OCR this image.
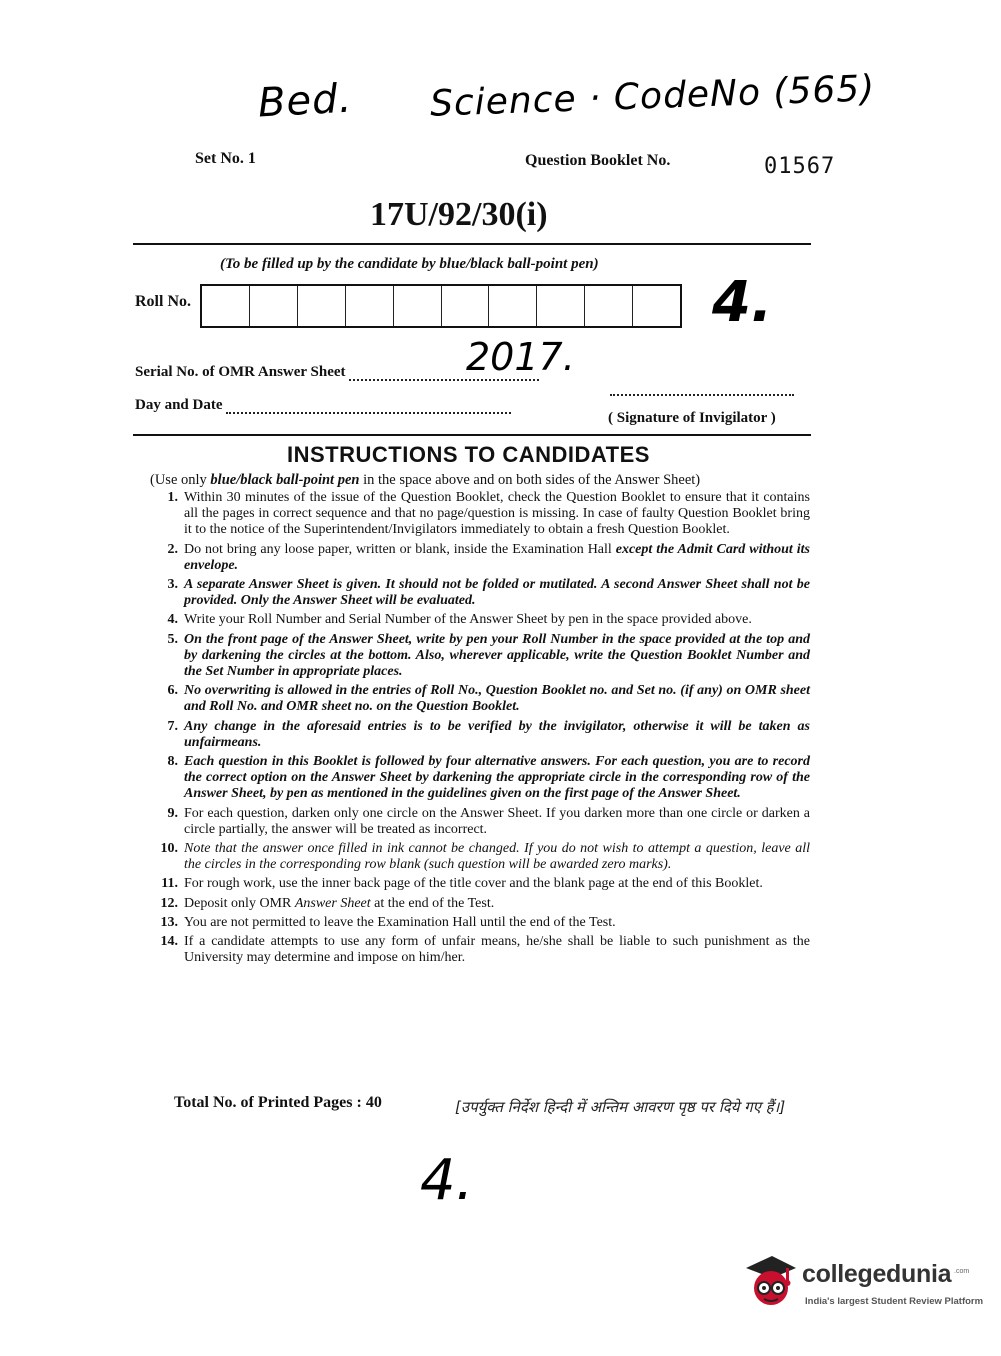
Bed. Science · CodeNo (565)
Set No. 1	Question Booklet No.	01567
17U/92/30(i)
(To be filled up by the candidate by blue/black ball-point pen)
Roll No.	4.
2017.
Serial No. of OMR Answer Sheet
Day and Date
( Signature of Invigilator )
INSTRUCTIONS TO CANDIDATES
(Use only blue/black ball-point pen in the space above and on both sides of the Answer Sheet)
1. Within 30 minutes of the issue of the Question Booklet, check the Question Booklet to ensure that it contains all the pages in correct sequence and that no page/question is missing. In case of faulty Question Booklet bring it to the notice of the Superintendent/Invigilators immediately to obtain a fresh Question Booklet.
2. Do not bring any loose paper, written or blank, inside the Examination Hall except the Admit Card without its envelope.
3. A separate Answer Sheet is given. It should not be folded or mutilated. A second Answer Sheet shall not be provided. Only the Answer Sheet will be evaluated.
4. Write your Roll Number and Serial Number of the Answer Sheet by pen in the space provided above.
5. On the front page of the Answer Sheet, write by pen your Roll Number in the space provided at the top and by darkening the circles at the bottom. Also, wherever applicable, write the Question Booklet Number and the Set Number in appropriate places.
6. No overwriting is allowed in the entries of Roll No., Question Booklet no. and Set no. (if any) on OMR sheet and Roll No. and OMR sheet no. on the Question Booklet.
7. Any change in the aforesaid entries is to be verified by the invigilator, otherwise it will be taken as unfairmeans.
8. Each question in this Booklet is followed by four alternative answers. For each question, you are to record the correct option on the Answer Sheet by darkening the appropriate circle in the corresponding row of the Answer Sheet, by pen as mentioned in the guidelines given on the first page of the Answer Sheet.
9. For each question, darken only one circle on the Answer Sheet. If you darken more than one circle or darken a circle partially, the answer will be treated as incorrect.
10. Note that the answer once filled in ink cannot be changed. If you do not wish to attempt a question, leave all the circles in the corresponding row blank (such question will be awarded zero marks).
11. For rough work, use the inner back page of the title cover and the blank page at the end of this Booklet.
12. Deposit only OMR Answer Sheet at the end of the Test.
13. You are not permitted to leave the Examination Hall until the end of the Test.
14. If a candidate attempts to use any form of unfair means, he/she shall be liable to such punishment as the University may determine and impose on him/her.
Total No. of Printed Pages : 40	[उपर्युक्त निर्देश हिन्दी में अन्तिम आवरण पृष्ठ पर दिये गए हैं।]
4.
collegedunia .com
India's largest Student Review Platform
